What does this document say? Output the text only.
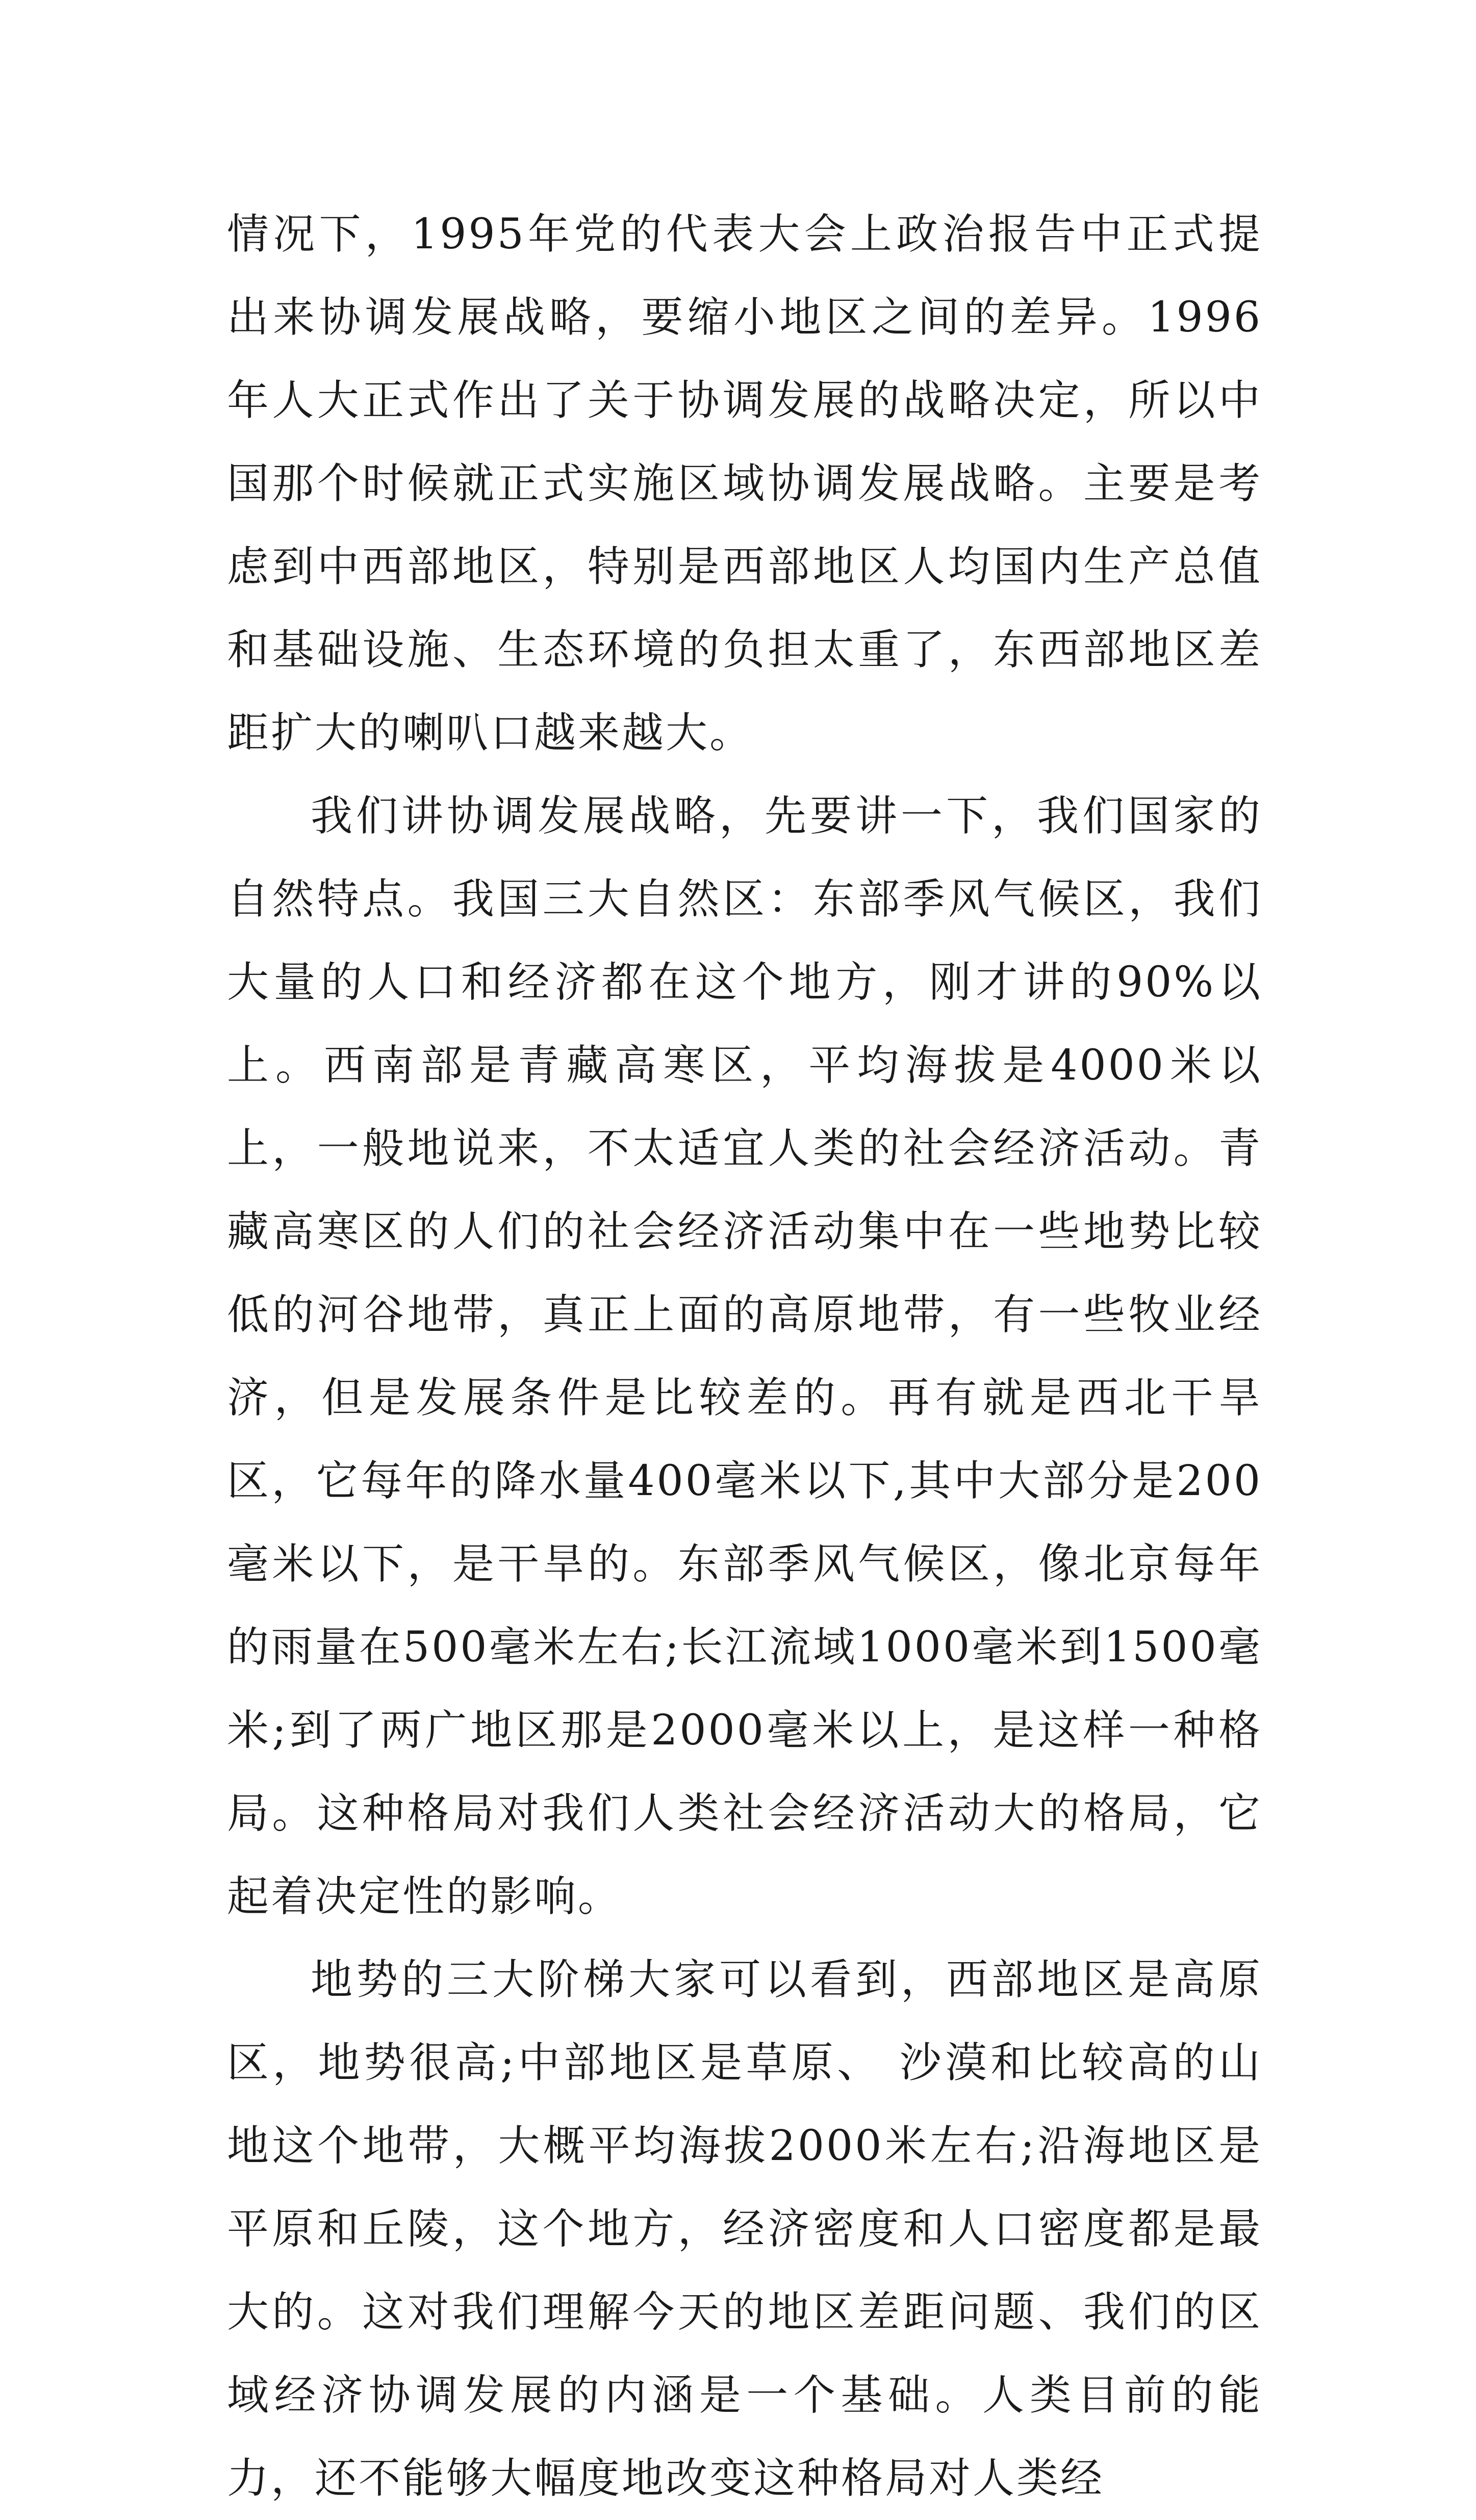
情况下，1995年党的代表大会上政治报告中正式提出来协调发展战略，要缩小地区之间的差异。1996年人大正式作出了关于协调发展的战略决定，所以中国那个时候就正式实施区域协调发展战略。主要是考虑到中西部地区，特别是西部地区人均国内生产总值和基础设施、生态环境的负担太重了，东西部地区差距扩大的喇叭口越来越大。

我们讲协调发展战略，先要讲一下，我们国家的自然特点。我国三大自然区：东部季风气候区，我们大量的人口和经济都在这个地方，刚才讲的90%以上。西南部是青藏高寒区，平均海拔是4000米以上，一般地说来，不太适宜人类的社会经济活动。青藏高寒区的人们的社会经济活动集中在一些地势比较低的河谷地带，真正上面的高原地带，有一些牧业经济，但是发展条件是比较差的。再有就是西北干旱区，它每年的降水量400毫米以下,其中大部分是200毫米以下，是干旱的。东部季风气候区，像北京每年的雨量在500毫米左右;长江流域1000毫米到1500毫米;到了两广地区那是2000毫米以上，是这样一种格局。这种格局对我们人类社会经济活动大的格局，它起着决定性的影响。

地势的三大阶梯大家可以看到，西部地区是高原区，地势很高;中部地区是草原、 沙漠和比较高的山地这个地带，大概平均海拔2000米左右;沿海地区是平原和丘陵，这个地方，经济密度和人口密度都是最大的。这对我们理解今天的地区差距问题、我们的区域经济协调发展的内涵是一个基础。人类目前的能力，还不能够大幅度地改变这种格局对人类经
